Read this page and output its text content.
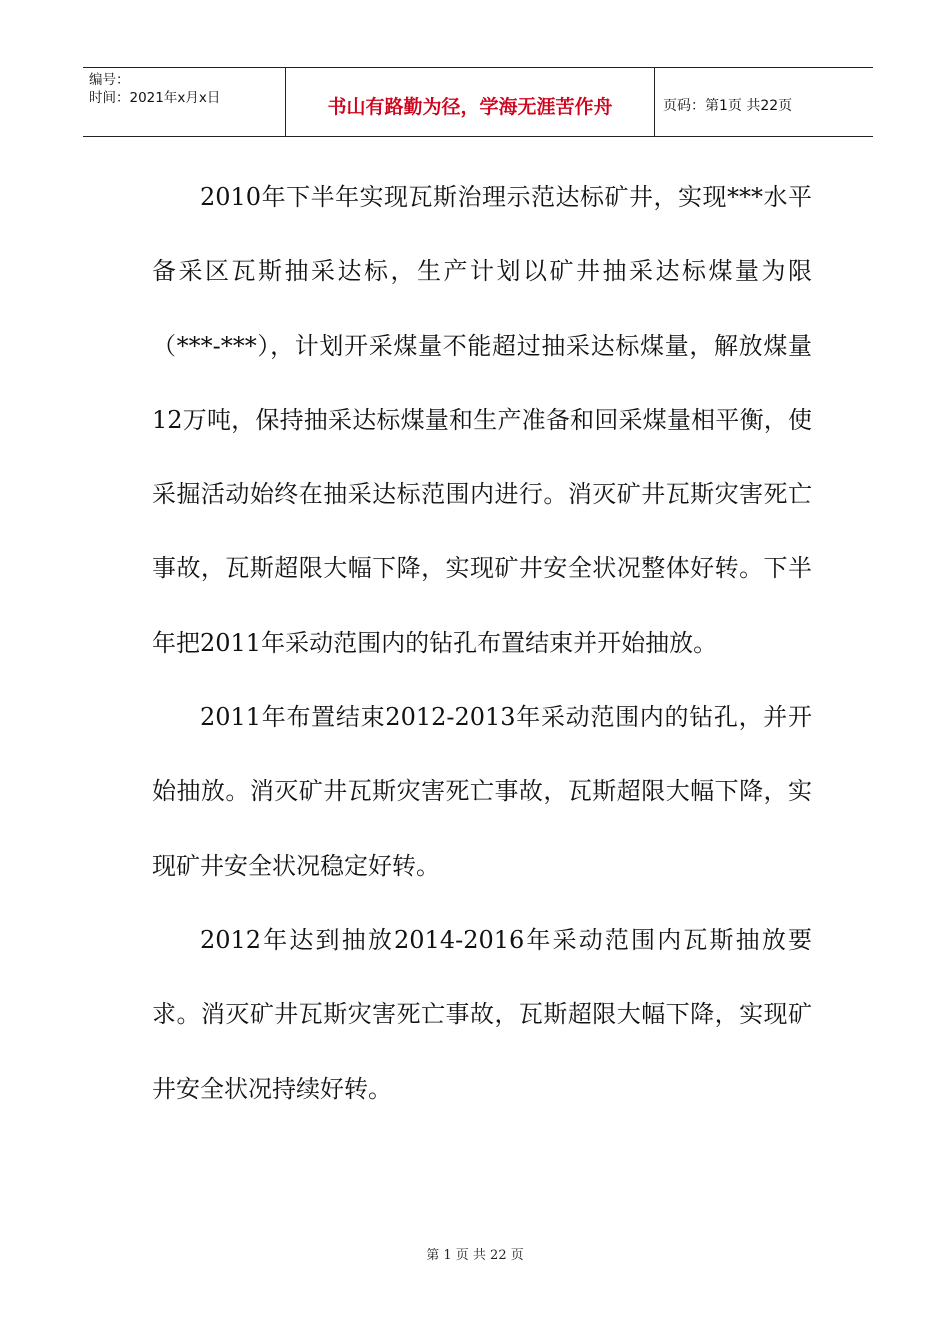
编号：
时间：2021年x月x日	书山有路勤为径，学海无涯苦作舟	页码：第1页 共22页

2010年下半年实现瓦斯治理示范达标矿井，实现***水平备采区瓦斯抽采达标，生产计划以矿井抽采达标煤量为限（***-***），计划开采煤量不能超过抽采达标煤量，解放煤量12万吨，保持抽采达标煤量和生产准备和回采煤量相平衡，使采掘活动始终在抽采达标范围内进行。消灭矿井瓦斯灾害死亡事故，瓦斯超限大幅下降，实现矿井安全状况整体好转。下半年把2011年采动范围内的钻孔布置结束并开始抽放。

2011年布置结束2012-2013年采动范围内的钻孔，并开始抽放。消灭矿井瓦斯灾害死亡事故，瓦斯超限大幅下降，实现矿井安全状况稳定好转。

2012年达到抽放2014-2016年采动范围内瓦斯抽放要求。消灭矿井瓦斯灾害死亡事故，瓦斯超限大幅下降，实现矿井安全状况持续好转。

第 1 页 共 22 页
